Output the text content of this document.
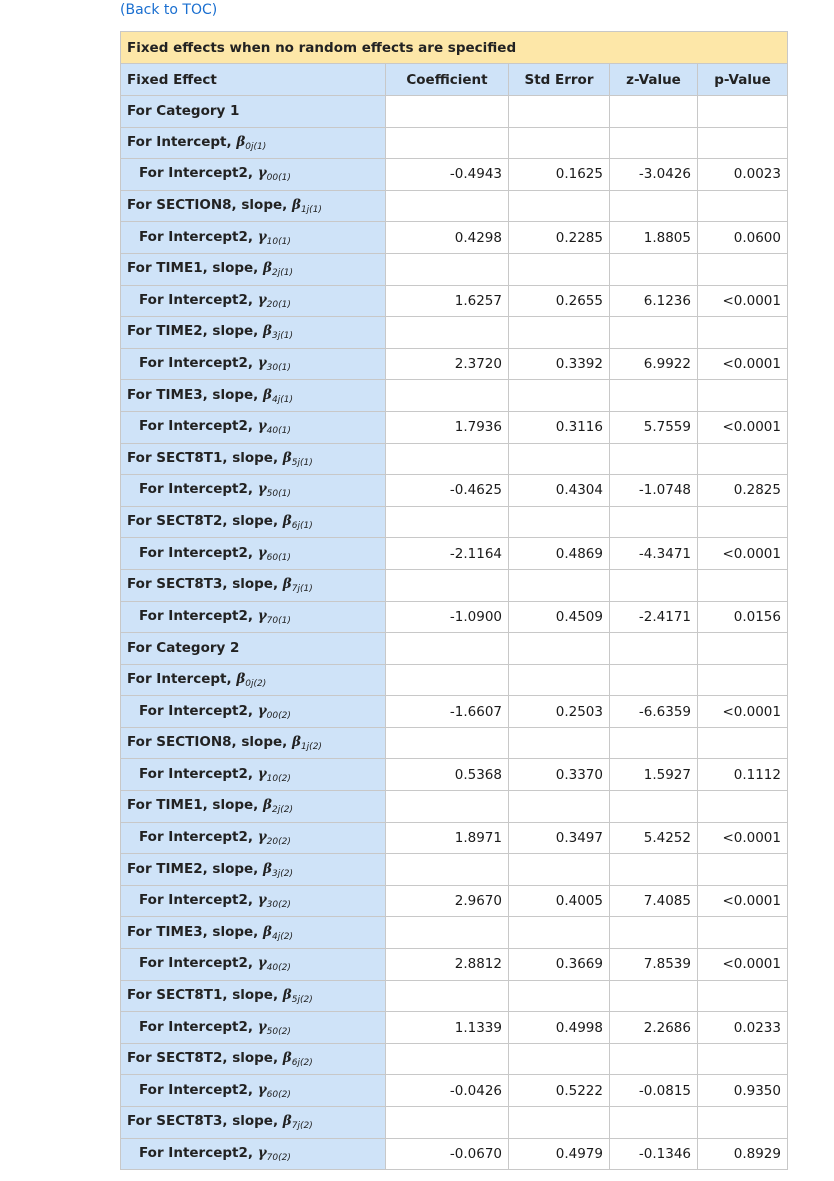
(Back to TOC)
Fixed effects when no random effects are specified				
Fixed Effect	Coefficient	Std Error	z-Value	p-Value
For Category 1				
For Intercept, $\beta_{0j(1)}$				
For Intercept2, $\gamma_{00(1)}$	-0.4943	0.1625	-3.0426	0.0023
For SECTION8, slope, $\beta_{1j(1)}$				
For Intercept2, $\gamma_{10(1)}$	0.4298	0.2285	1.8805	0.0600
For TIME1, slope, $\beta_{2j(1)}$				
For Intercept2, $\gamma_{20(1)}$	1.6257	0.2655	6.1236	<0.0001
For TIME2, slope, $\beta_{3j(1)}$				
For Intercept2, $\gamma_{30(1)}$	2.3720	0.3392	6.9922	<0.0001
For TIME3, slope, $\beta_{4j(1)}$				
For Intercept2, $\gamma_{40(1)}$	1.7936	0.3116	5.7559	<0.0001
For SECT8T1, slope, $\beta_{5j(1)}$				
For Intercept2, $\gamma_{50(1)}$	-0.4625	0.4304	-1.0748	0.2825
For SECT8T2, slope, $\beta_{6j(1)}$				
For Intercept2, $\gamma_{60(1)}$	-2.1164	0.4869	-4.3471	<0.0001
For SECT8T3, slope, $\beta_{7j(1)}$				
For Intercept2, $\gamma_{70(1)}$	-1.0900	0.4509	-2.4171	0.0156
For Category 2				
For Intercept, $\beta_{0j(2)}$				
For Intercept2, $\gamma_{00(2)}$	-1.6607	0.2503	-6.6359	<0.0001
For SECTION8, slope, $\beta_{1j(2)}$				
For Intercept2, $\gamma_{10(2)}$	0.5368	0.3370	1.5927	0.1112
For TIME1, slope, $\beta_{2j(2)}$				
For Intercept2, $\gamma_{20(2)}$	1.8971	0.3497	5.4252	<0.0001
For TIME2, slope, $\beta_{3j(2)}$				
For Intercept2, $\gamma_{30(2)}$	2.9670	0.4005	7.4085	<0.0001
For TIME3, slope, $\beta_{4j(2)}$				
For Intercept2, $\gamma_{40(2)}$	2.8812	0.3669	7.8539	<0.0001
For SECT8T1, slope, $\beta_{5j(2)}$				
For Intercept2, $\gamma_{50(2)}$	1.1339	0.4998	2.2686	0.0233
For SECT8T2, slope, $\beta_{6j(2)}$				
For Intercept2, $\gamma_{60(2)}$	-0.0426	0.5222	-0.0815	0.9350
For SECT8T3, slope, $\beta_{7j(2)}$				
For Intercept2, $\gamma_{70(2)}$	-0.0670	0.4979	-0.1346	0.8929
